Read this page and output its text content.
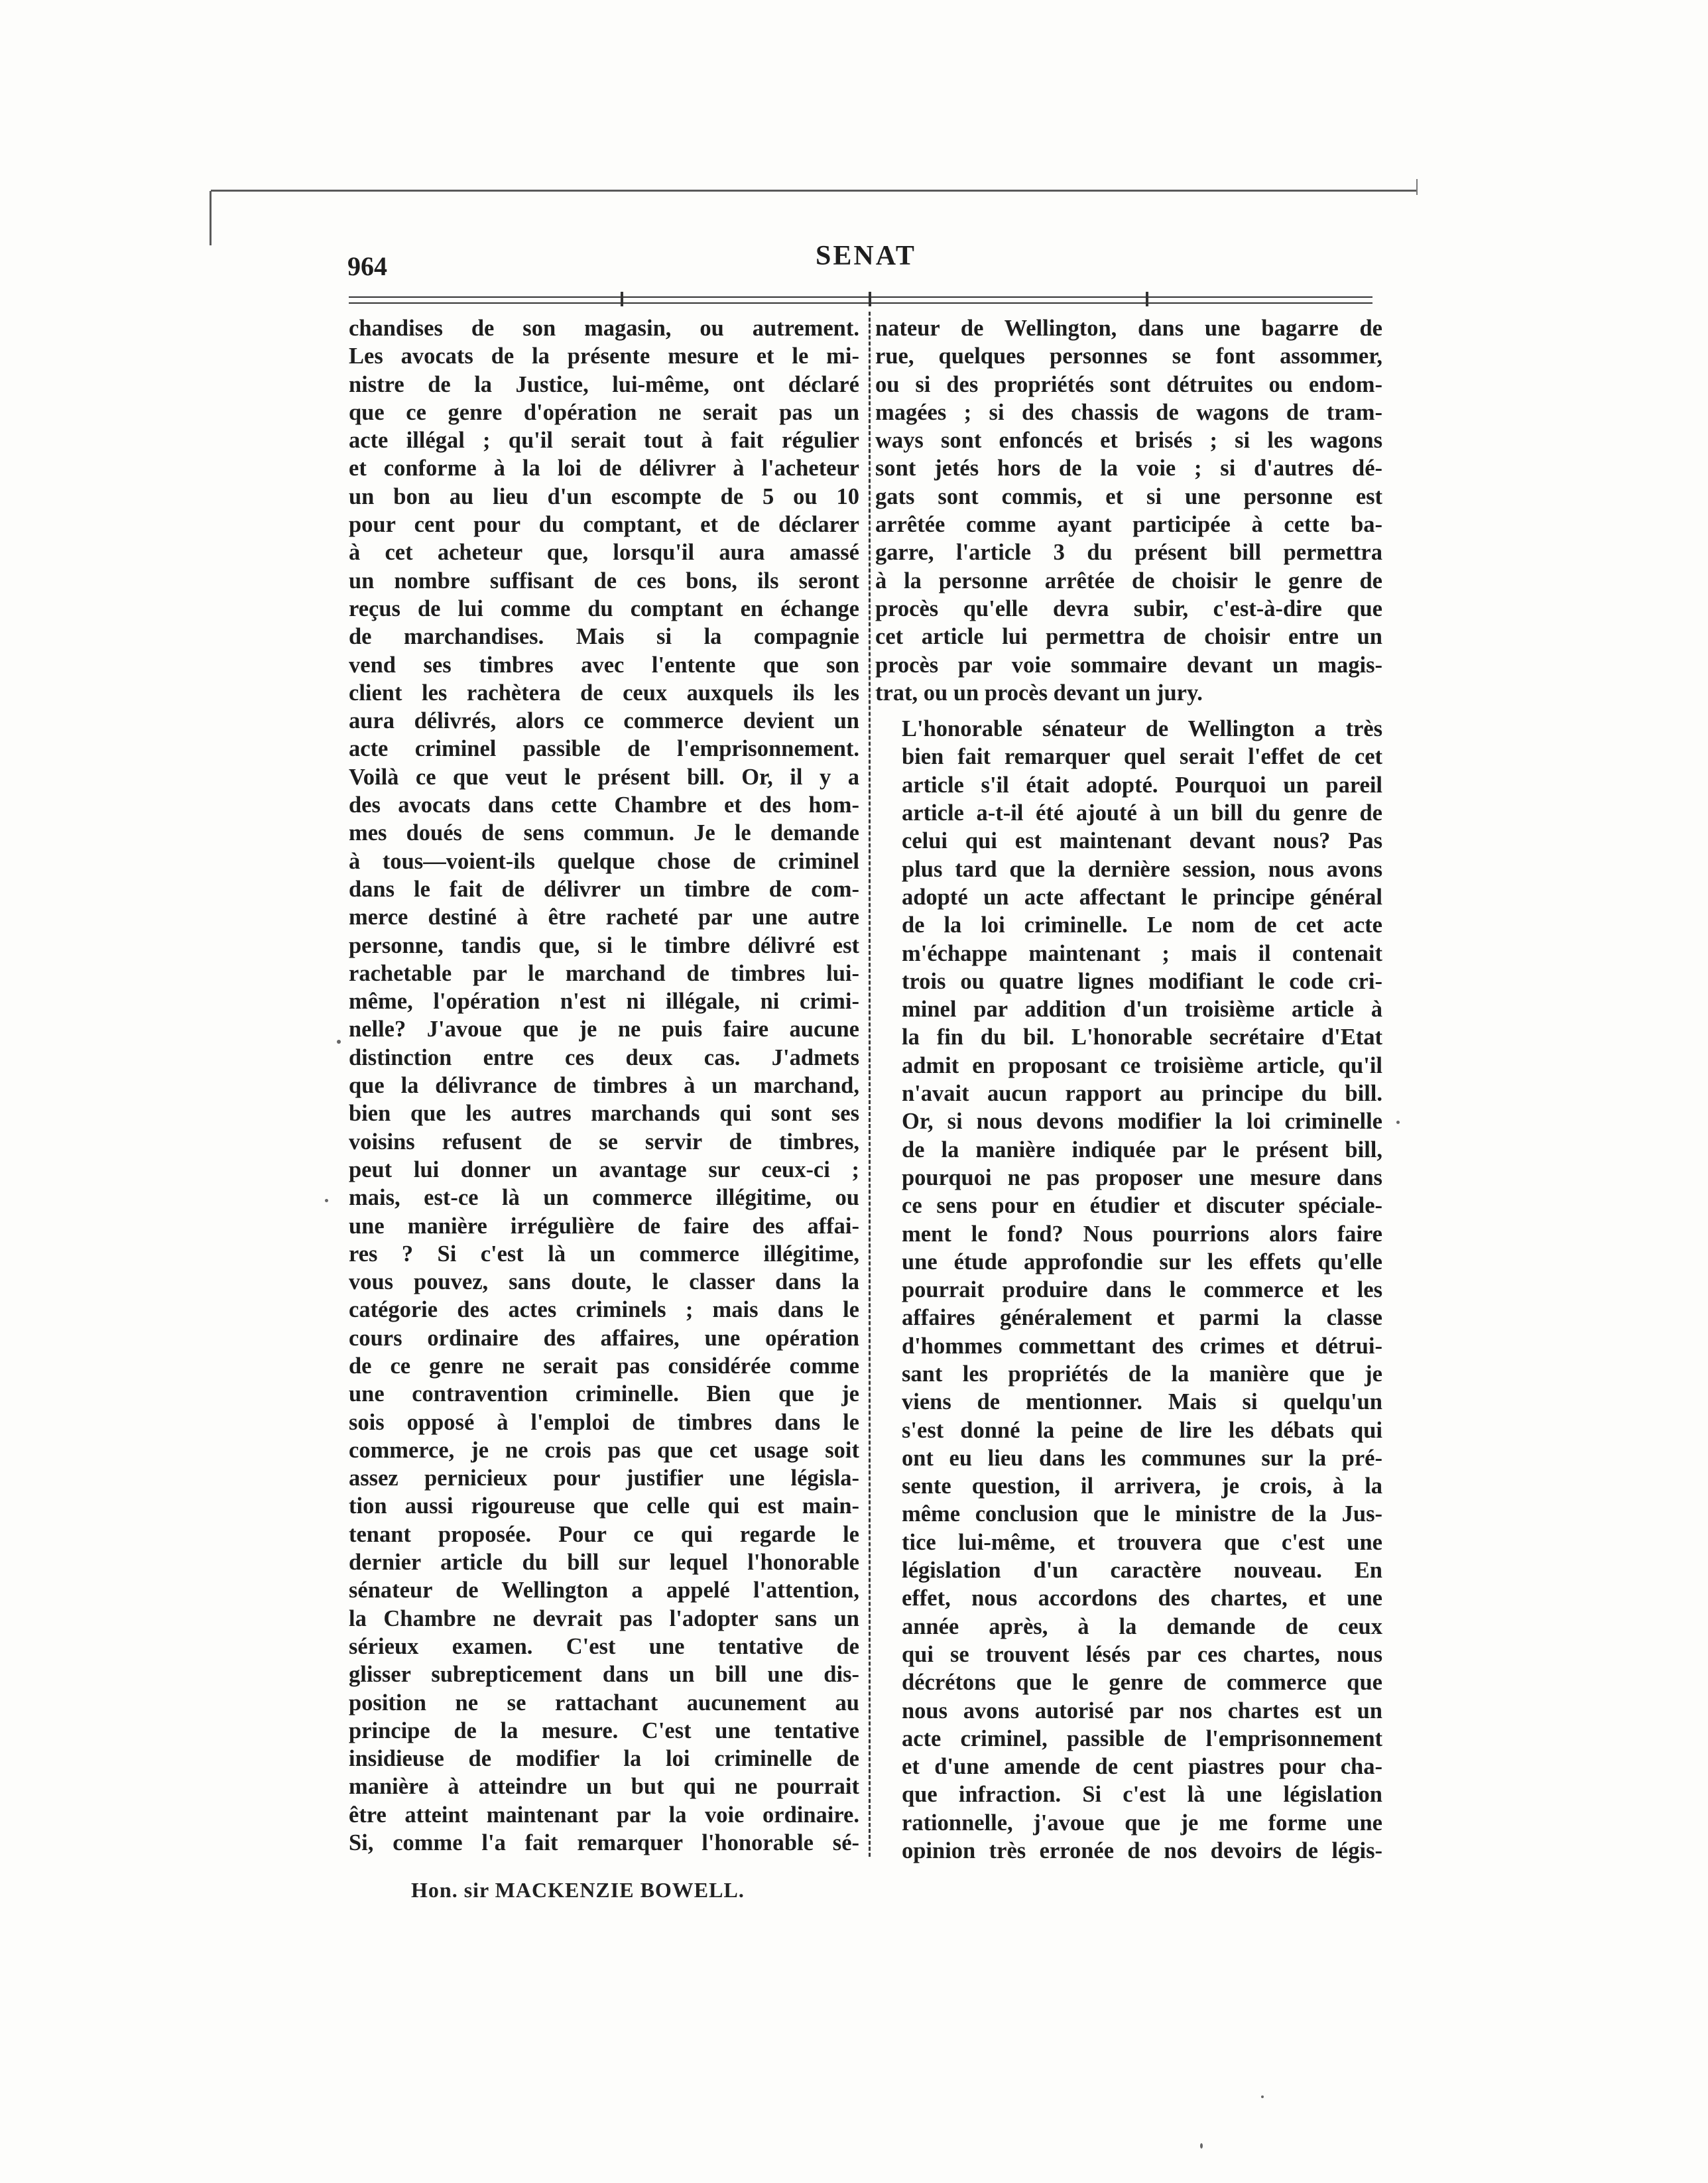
964	SENAT
chandises de son magasin, ou autrement.
Les avocats de la présente mesure et le mi-
nistre de la Justice, lui-même, ont déclaré
que ce genre d'opération ne serait pas un
acte illégal ; qu'il serait tout à fait régulier
et conforme à la loi de délivrer à l'acheteur
un bon au lieu d'un escompte de 5 ou 10
pour cent pour du comptant, et de déclarer
à cet acheteur que, lorsqu'il aura amassé
un nombre suffisant de ces bons, ils seront
reçus de lui comme du comptant en échange
de marchandises. Mais si la compagnie
vend ses timbres avec l'entente que son
client les rachètera de ceux auxquels ils les
aura délivrés, alors ce commerce devient un
acte criminel passible de l'emprisonnement.
Voilà ce que veut le présent bill. Or, il y a
des avocats dans cette Chambre et des hom-
mes doués de sens commun. Je le demande
à tous—voient-ils quelque chose de criminel
dans le fait de délivrer un timbre de com-
merce destiné à être racheté par une autre
personne, tandis que, si le timbre délivré est
rachetable par le marchand de timbres lui-
même, l'opération n'est ni illégale, ni crimi-
nelle? J'avoue que je ne puis faire aucune
distinction entre ces deux cas. J'admets
que la délivrance de timbres à un marchand,
bien que les autres marchands qui sont ses
voisins refusent de se servir de timbres,
peut lui donner un avantage sur ceux-ci ;
mais, est-ce là un commerce illégitime, ou
une manière irrégulière de faire des affai-
res ? Si c'est là un commerce illégitime,
vous pouvez, sans doute, le classer dans la
catégorie des actes criminels ; mais dans le
cours ordinaire des affaires, une opération
de ce genre ne serait pas considérée comme
une contravention criminelle. Bien que je
sois opposé à l'emploi de timbres dans le
commerce, je ne crois pas que cet usage soit
assez pernicieux pour justifier une législa-
tion aussi rigoureuse que celle qui est main-
tenant proposée. Pour ce qui regarde le
dernier article du bill sur lequel l'honorable
sénateur de Wellington a appelé l'attention,
la Chambre ne devrait pas l'adopter sans un
sérieux examen. C'est une tentative de
glisser subrepticement dans un bill une dis-
position ne se rattachant aucunement au
principe de la mesure. C'est une tentative
insidieuse de modifier la loi criminelle de
manière à atteindre un but qui ne pourrait
être atteint maintenant par la voie ordinaire.
Si, comme l'a fait remarquer l'honorable sé-

nateur de Wellington, dans une bagarre de
rue, quelques personnes se font assommer,
ou si des propriétés sont détruites ou endom-
magées ; si des chassis de wagons de tram-
ways sont enfoncés et brisés ; si les wagons
sont jetés hors de la voie ; si d'autres dé-
gats sont commis, et si une personne est
arrêtée comme ayant participée à cette ba-
garre, l'article 3 du présent bill permettra
à la personne arrêtée de choisir le genre de
procès qu'elle devra subir, c'est-à-dire que
cet article lui permettra de choisir entre un
procès par voie sommaire devant un magis-
trat, ou un procès devant un jury.

L'honorable sénateur de Wellington a très
bien fait remarquer quel serait l'effet de cet
article s'il était adopté. Pourquoi un pareil
article a-t-il été ajouté à un bill du genre de
celui qui est maintenant devant nous? Pas
plus tard que la dernière session, nous avons
adopté un acte affectant le principe général
de la loi criminelle. Le nom de cet acte
m'échappe maintenant ; mais il contenait
trois ou quatre lignes modifiant le code cri-
minel par addition d'un troisième article à
la fin du bil. L'honorable secrétaire d'Etat
admit en proposant ce troisième article, qu'il
n'avait aucun rapport au principe du bill.
Or, si nous devons modifier la loi criminelle
de la manière indiquée par le présent bill,
pourquoi ne pas proposer une mesure dans
ce sens pour en étudier et discuter spéciale-
ment le fond? Nous pourrions alors faire
une étude approfondie sur les effets qu'elle
pourrait produire dans le commerce et les
affaires généralement et parmi la classe
d'hommes commettant des crimes et détrui-
sant les propriétés de la manière que je
viens de mentionner. Mais si quelqu'un
s'est donné la peine de lire les débats qui
ont eu lieu dans les communes sur la pré-
sente question, il arrivera, je crois, à la
même conclusion que le ministre de la Jus-
tice lui-même, et trouvera que c'est une
législation d'un caractère nouveau. En
effet, nous accordons des chartes, et une
année après, à la demande de ceux
qui se trouvent lésés par ces chartes, nous
décrétons que le genre de commerce que
nous avons autorisé par nos chartes est un
acte criminel, passible de l'emprisonnement
et d'une amende de cent piastres pour cha-
que infraction. Si c'est là une législation
rationnelle, j'avoue que je me forme une
opinion très erronée de nos devoirs de légis-

Hon. sir MACKENZIE BOWELL.
